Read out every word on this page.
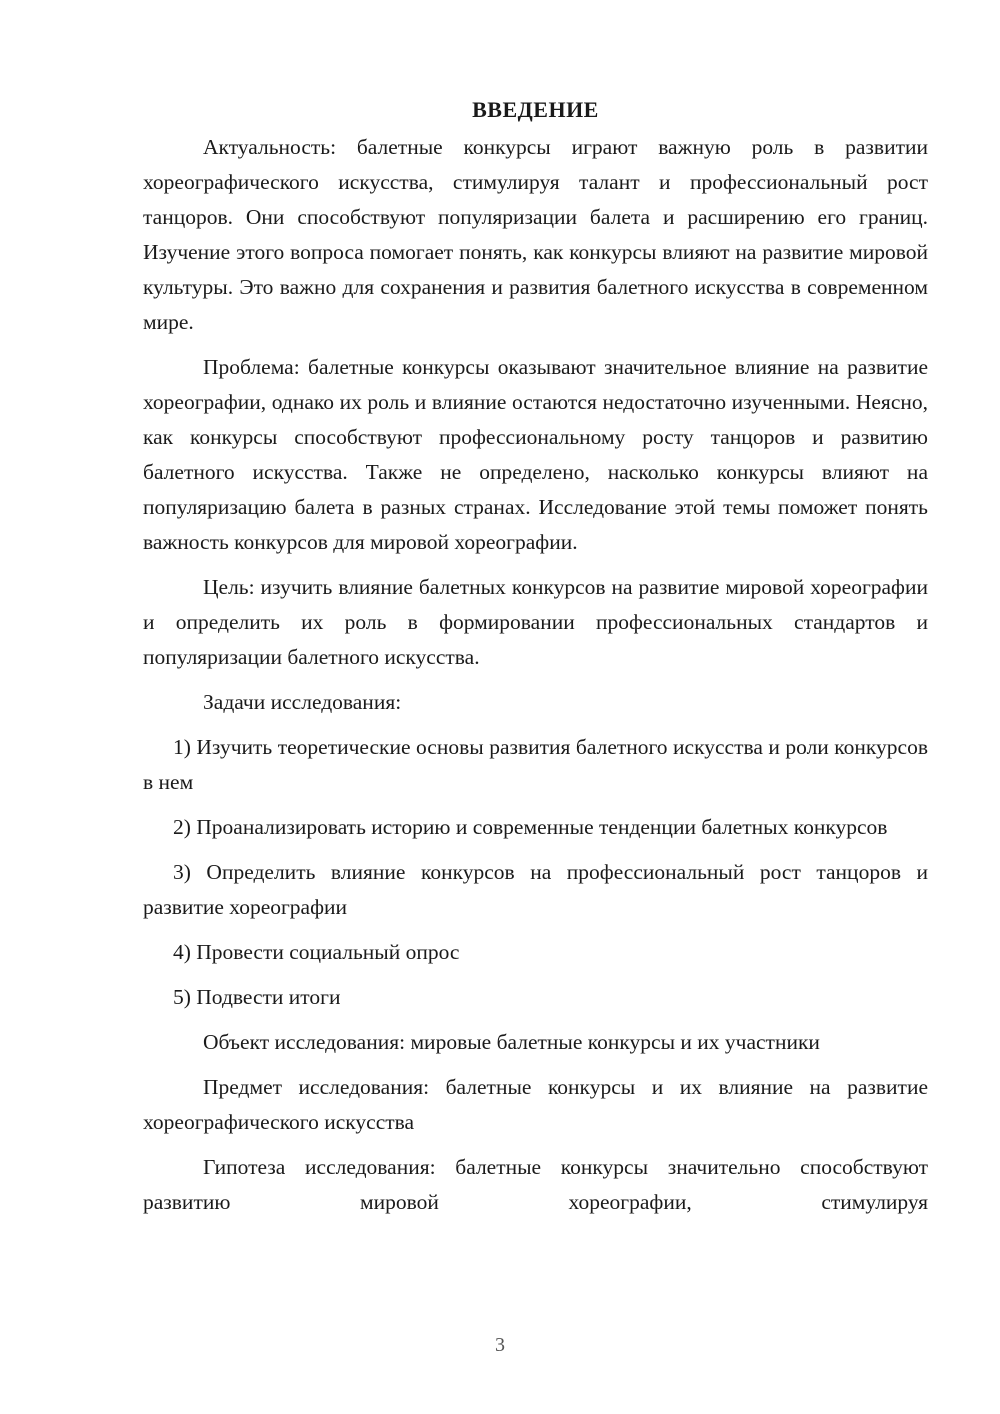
ВВЕДЕНИЕ

Актуальность: балетные конкурсы играют важную роль в развитии хореографического искусства, стимулируя талант и профессиональный рост танцоров. Они способствуют популяризации балета и расширению его границ. Изучение этого вопроса помогает понять, как конкурсы влияют на развитие мировой культуры. Это важно для сохранения и развития балетного искусства в современном мире.

Проблема: балетные конкурсы оказывают значительное влияние на развитие хореографии, однако их роль и влияние остаются недостаточно изученными. Неясно, как конкурсы способствуют профессиональному росту танцоров и развитию балетного искусства. Также не определено, насколько конкурсы влияют на популяризацию балета в разных странах. Исследование этой темы поможет понять важность конкурсов для мировой хореографии.

Цель: изучить влияние балетных конкурсов на развитие мировой хореографии и определить их роль в формировании профессиональных стандартов и популяризации балетного искусства.

Задачи исследования:

1) Изучить теоретические основы развития балетного искусства и роли конкурсов в нем

2) Проанализировать историю и современные тенденции балетных конкурсов

3) Определить влияние конкурсов на профессиональный рост танцоров и развитие хореографии

4) Провести социальный опрос

5) Подвести итоги

Объект исследования: мировые балетные конкурсы и их участники

Предмет исследования: балетные конкурсы и их влияние на развитие хореографического искусства

Гипотеза исследования: балетные конкурсы значительно способствуют развитию мировой хореографии, стимулируя

3
